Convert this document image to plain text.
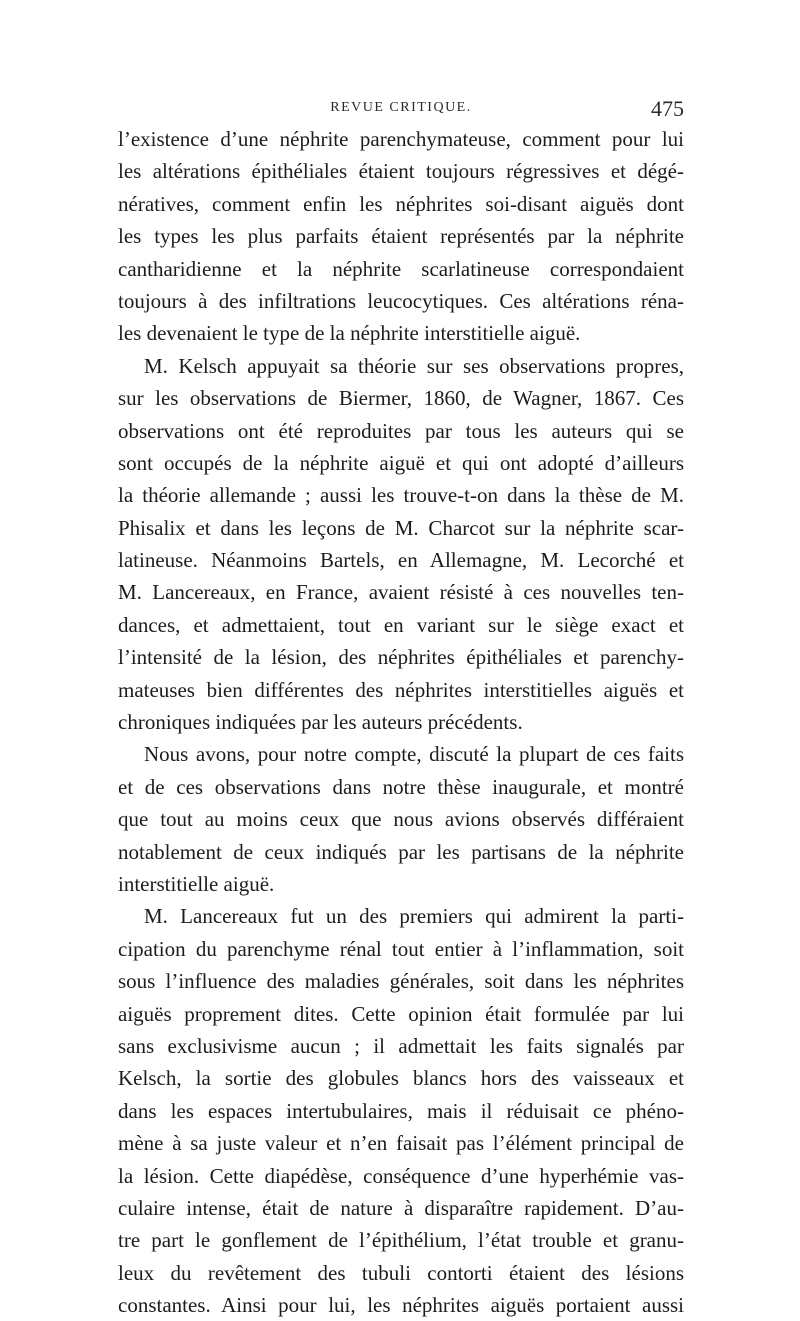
REVUE CRITIQUE.	475
l’existence d’une néphrite parenchymateuse, comment pour lui
les altérations épithéliales étaient toujours régressives et dégé-
nératives, comment enfin les néphrites soi-disant aiguës dont
les types les plus parfaits étaient représentés par la néphrite
cantharidienne et la néphrite scarlatineuse correspondaient
toujours à des infiltrations leucocytiques. Ces altérations réna-
les devenaient le type de la néphrite interstitielle aiguë.
M. Kelsch appuyait sa théorie sur ses observations propres,
sur les observations de Biermer, 1860, de Wagner, 1867. Ces
observations ont été reproduites par tous les auteurs qui se
sont occupés de la néphrite aiguë et qui ont adopté d’ailleurs
la théorie allemande ; aussi les trouve-t-on dans la thèse de M.
Phisalix et dans les leçons de M. Charcot sur la néphrite scar-
latineuse. Néanmoins Bartels, en Allemagne, M. Lecorché et
M. Lancereaux, en France, avaient résisté à ces nouvelles ten-
dances, et admettaient, tout en variant sur le siège exact et
l’intensité de la lésion, des néphrites épithéliales et parenchy-
mateuses bien différentes des néphrites interstitielles aiguës et
chroniques indiquées par les auteurs précédents.
Nous avons, pour notre compte, discuté la plupart de ces faits
et de ces observations dans notre thèse inaugurale, et montré
que tout au moins ceux que nous avions observés différaient
notablement de ceux indiqués par les partisans de la néphrite
interstitielle aiguë.
M. Lancereaux fut un des premiers qui admirent la parti-
cipation du parenchyme rénal tout entier à l’inflammation, soit
sous l’influence des maladies générales, soit dans les néphrites
aiguës proprement dites. Cette opinion était formulée par lui
sans exclusivisme aucun ; il admettait les faits signalés par
Kelsch, la sortie des globules blancs hors des vaisseaux et
dans les espaces intertubulaires, mais il réduisait ce phéno-
mène à sa juste valeur et n’en faisait pas l’élément principal de
la lésion. Cette diapédèse, conséquence d’une hyperhémie vas-
culaire intense, était de nature à disparaître rapidement. D’au-
tre part le gonflement de l’épithélium, l’état trouble et granu-
leux du revêtement des tubuli contorti étaient des lésions
constantes. Ainsi pour lui, les néphrites aiguës portaient aussi
